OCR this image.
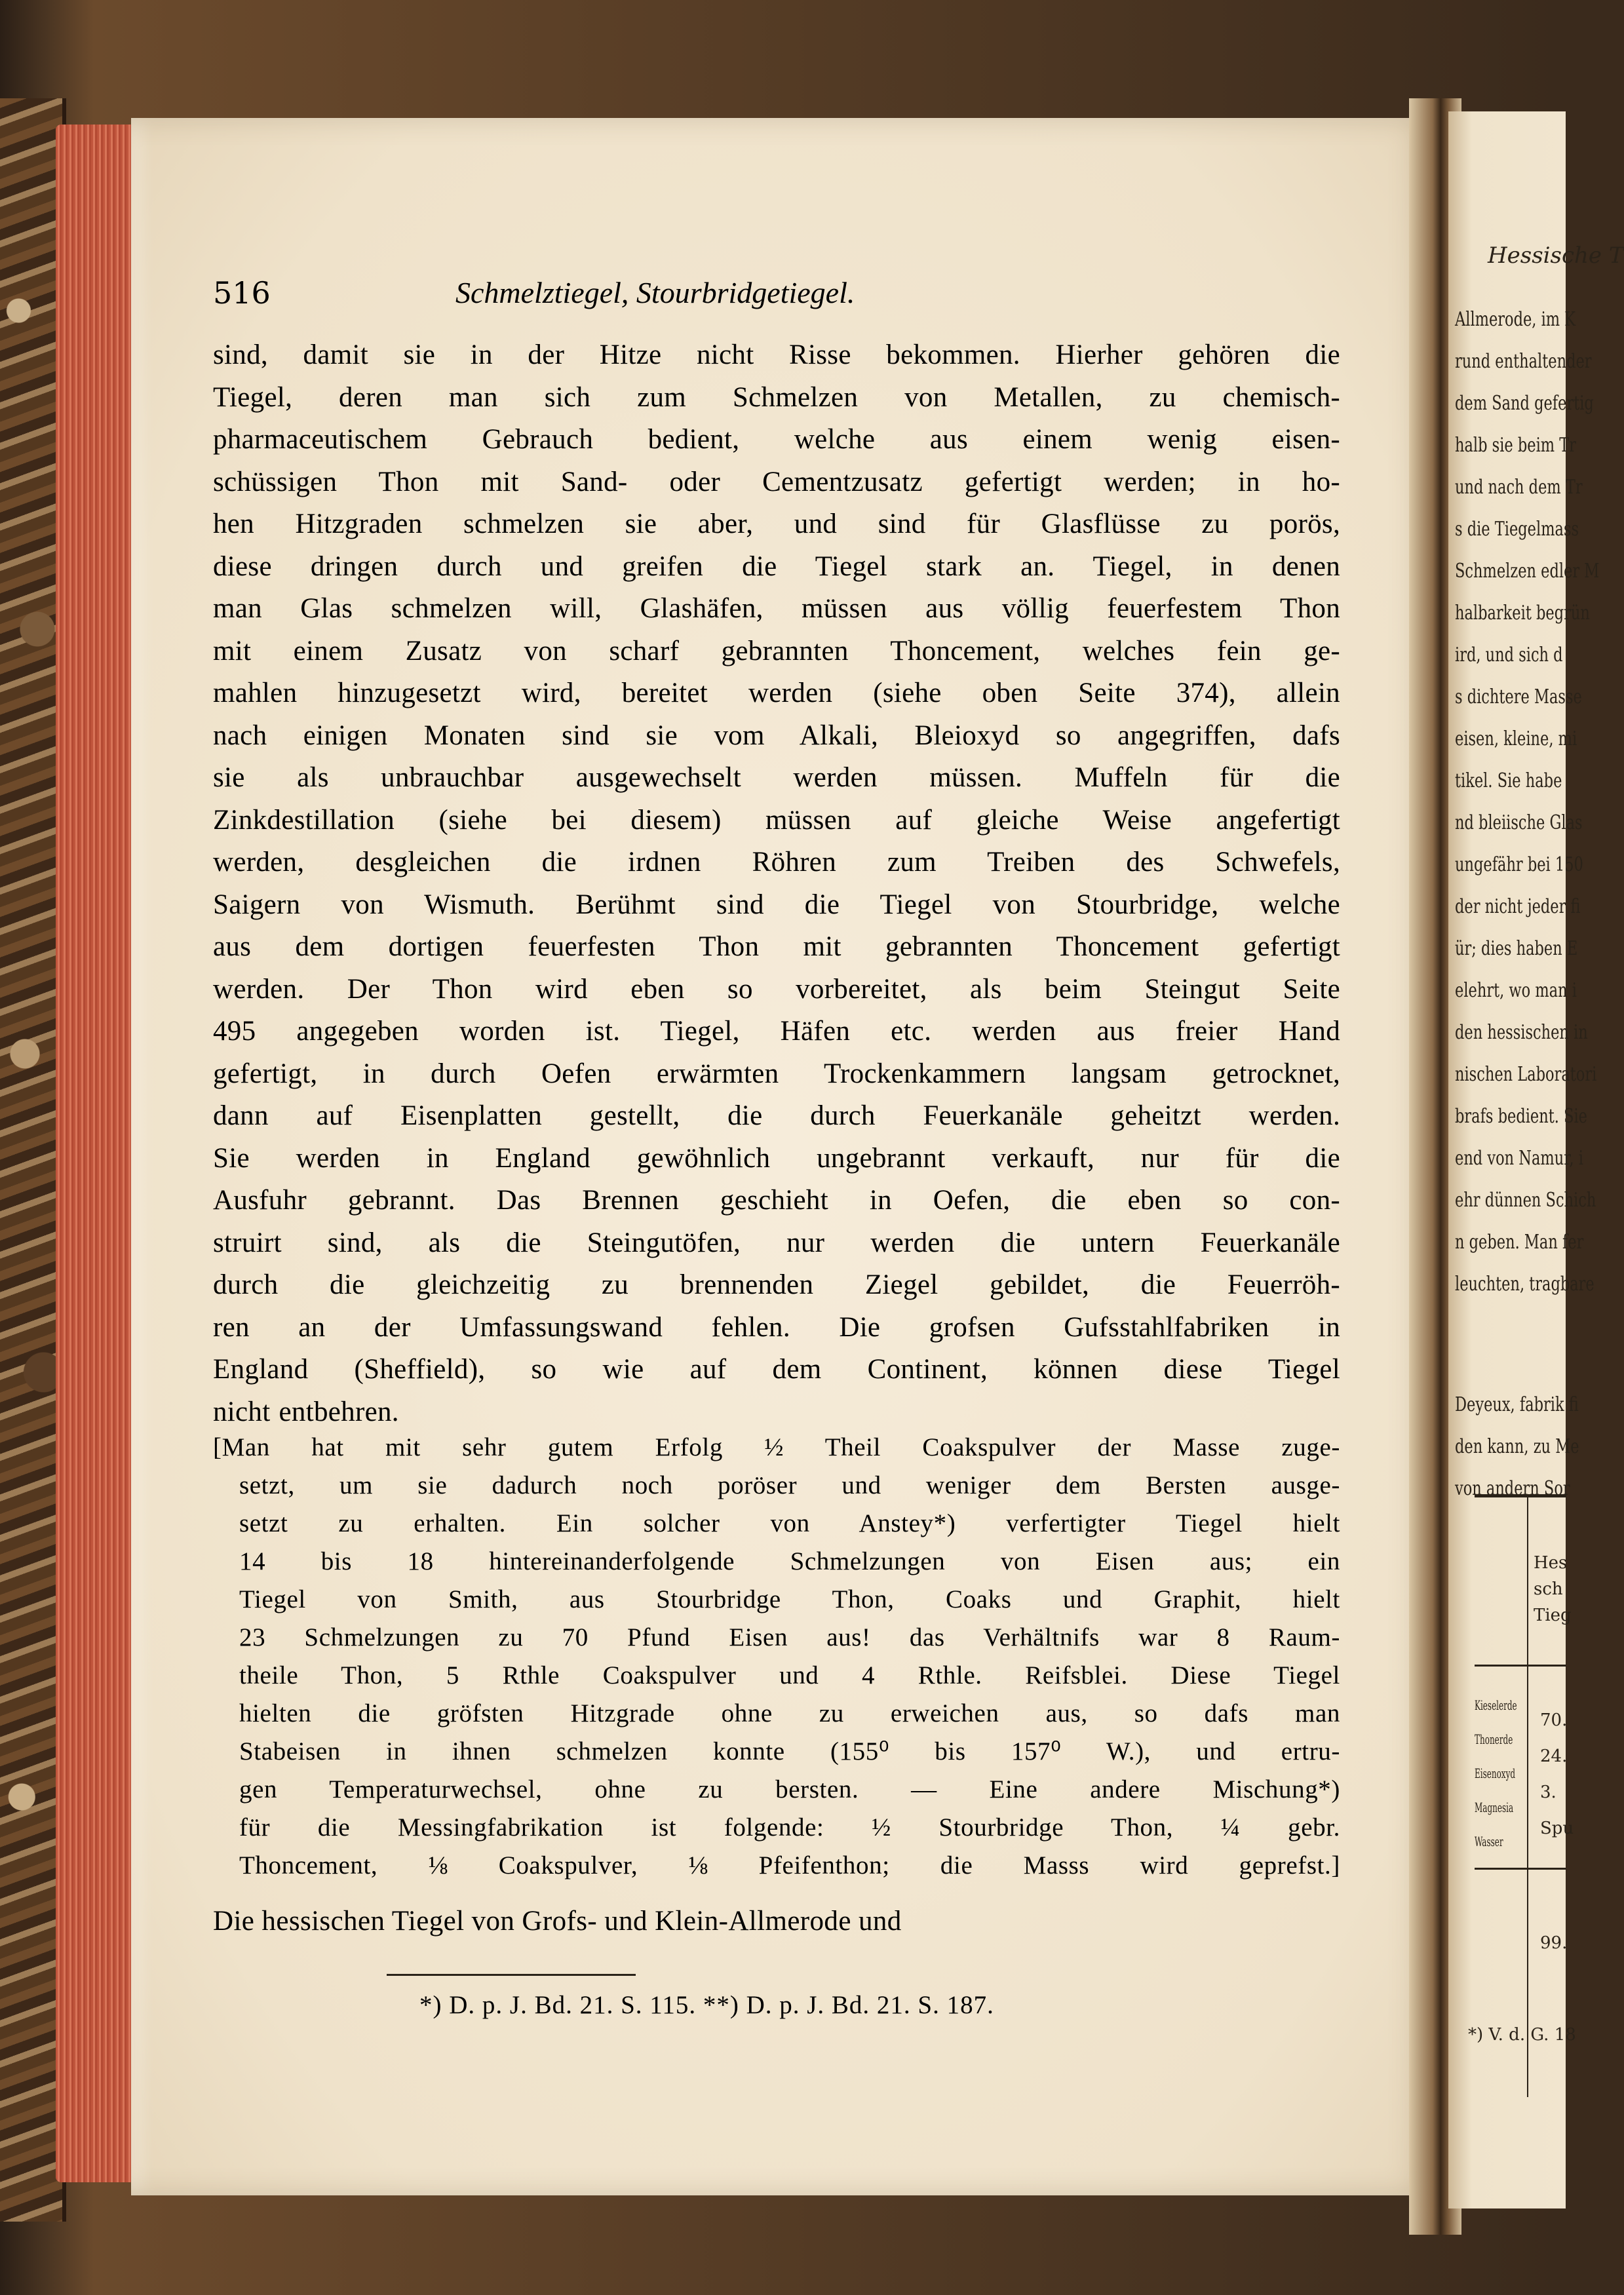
516	Schmelztiegel, Stourbridgetiegel.
sind, damit sie in der Hitze nicht Risse bekommen. Hierher gehören die
Tiegel, deren man sich zum Schmelzen von Metallen, zu chemisch-
pharmaceutischem Gebrauch bedient, welche aus einem wenig eisen-
schüssigen Thon mit Sand- oder Cementzusatz gefertigt werden; in ho-
hen Hitzgraden schmelzen sie aber, und sind für Glasflüsse zu porös,
diese dringen durch und greifen die Tiegel stark an. Tiegel, in denen
man Glas schmelzen will, Glashäfen, müssen aus völlig feuerfestem Thon
mit einem Zusatz von scharf gebrannten Thoncement, welches fein ge-
mahlen hinzugesetzt wird, bereitet werden (siehe oben Seite 374), allein
nach einigen Monaten sind sie vom Alkali, Bleioxyd so angegriffen, dafs
sie als unbrauchbar ausgewechselt werden müssen. Muffeln für die
Zinkdestillation (siehe bei diesem) müssen auf gleiche Weise angefertigt
werden, desgleichen die irdnen Röhren zum Treiben des Schwefels,
Saigern von Wismuth. Berühmt sind die Tiegel von Stourbridge, welche
aus dem dortigen feuerfesten Thon mit gebrannten Thoncement gefertigt
werden. Der Thon wird eben so vorbereitet, als beim Steingut Seite
495 angegeben worden ist. Tiegel, Häfen etc. werden aus freier Hand
gefertigt, in durch Oefen erwärmten Trockenkammern langsam getrocknet,
dann auf Eisenplatten gestellt, die durch Feuerkanäle geheitzt werden.
Sie werden in England gewöhnlich ungebrannt verkauft, nur für die
Ausfuhr gebrannt. Das Brennen geschieht in Oefen, die eben so con-
struirt sind, als die Steingutöfen, nur werden die untern Feuerkanäle
durch die gleichzeitig zu brennenden Ziegel gebildet, die Feuerröh-
ren an der Umfassungswand fehlen. Die grofsen Gufsstahlfabriken in
England (Sheffield), so wie auf dem Continent, können diese Tiegel
nicht entbehren.
[Man hat mit sehr gutem Erfolg ½ Theil Coakspulver der Masse zuge-
setzt, um sie dadurch noch poröser und weniger dem Bersten ausge-
setzt zu erhalten. Ein solcher von Anstey*) verfertigter Tiegel hielt
14 bis 18 hintereinanderfolgende Schmelzungen von Eisen aus; ein
Tiegel von Smith, aus Stourbridge Thon, Coaks und Graphit, hielt
23 Schmelzungen zu 70 Pfund Eisen aus! das Verhältnifs war 8 Raum-
theile Thon, 5 Rthle Coakspulver und 4 Rthle. Reifsblei. Diese Tiegel
hielten die gröfsten Hitzgrade ohne zu erweichen aus, so dafs man
Stabeisen in ihnen schmelzen konnte (155⁰ bis 157⁰ W.), und ertru-
gen Temperaturwechsel, ohne zu bersten. — Eine andere Mischung*)
für die Messingfabrikation ist folgende: ½ Stourbridge Thon, ¼ gebr.
Thoncement, ⅛ Coakspulver, ⅛ Pfeifenthon; die Masss wird geprefst.]
Die hessischen Tiegel von Grofs- und Klein-Allmerode und
*) D. p. J. Bd. 21. S. 115. **) D. p. J. Bd. 21. S. 187.
Hessische T
Allmerode, im K
rund enthaltender
dem Sand gefertig
halb sie beim Tr
und nach dem Tr
s die Tiegelmass
Schmelzen edler M
halbarkeit begrün
ird, und sich d
s dichtere Masse
eisen, kleine, mi
tikel. Sie habe
nd bleiische Glas
ungefähr bei 150
der nicht jeder fi
ür; dies haben E
elehrt, wo man i
den hessischen in
nischen Laboratori
brafs bedient. Sie
end von Namur, i
ehr dünnen Schich
n geben. Man fer
leuchten, tragbare
Deyeux, fabrik fi
den kann, zu Me
von andern Sor
Hes
sch
Tieg
Kieselerde
Thonerde
Eisenoxyd
Magnesia
Wasser
70.
24.
3.
Spu
99.
*) V. d. G. 18
